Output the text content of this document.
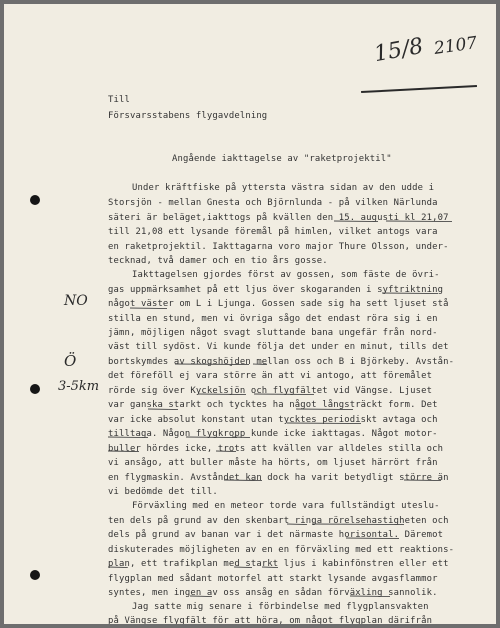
15/8 2107
NO
Ö
3-5km
Till
Försvarsstabens flygavdelning
Angående iakttagelse av "raketprojektil"
Under kräftfiske på yttersta västra sidan av den udde i
Storsjön - mellan Gnesta och Björnlunda - på vilken Närlunda
säteri är beläget,iakttogs på kvällen den 15. augusti kl 21,07
till 21,08 ett lysande föremål på himlen, vilket antogs vara
en raketprojektil. Iakttagarna voro major Thure Olsson, under-
tecknad, två damer och en tio års gosse.
Iakttagelsen gjordes först av gossen, som fäste de övri-
gas uppmärksamhet på ett ljus över skogaranden i syftriktning
något väster om L i Ljunga. Gossen sade sig ha sett ljuset stå
stilla en stund, men vi övriga sågo det endast röra sig i en
jämn, möjligen något svagt sluttande bana ungefär från nord-
väst till sydöst. Vi kunde följa det under en minut, tills det
bortskymdes av skogshöjden mellan oss och B i Björkeby. Avstån-
det föreföll ej vara större än att vi antogo, att föremålet
rörde sig över Kyckelsjön och flygfältet vid Vängse. Ljuset
var ganska starkt och tycktes ha något långsträckt form. Det
var icke absolut konstant utan tycktes periodiskt avtaga och
tilltaga. Någon flygkropp kunde icke iakttagas. Något motor-
buller hördes icke, trots att kvällen var alldeles stilla och
vi ansågo, att buller måste ha hörts, om ljuset härrört från
en flygmaskin. Avståndet kan dock ha varit betydligt större än
vi bedömde det till.
Förväxling med en meteor torde vara fullständigt uteslu-
ten dels på grund av den skenbart ringa rörelsehastigheten och
dels på grund av banan var i det närmaste horisontal. Däremot
diskuterades möjligheten av en en förväxling med ett reaktions-
plan, ett trafikplan med starkt ljus i kabinfönstren eller ett
flygplan med sådant motorfel att starkt lysande avgasflammor
syntes, men ingen av oss ansåg en sådan förväxling sannolik.
Jag satte mig senare i förbindelse med flygplansvakten
på Vängse flygfält för att höra, om något flygplan därifrån
